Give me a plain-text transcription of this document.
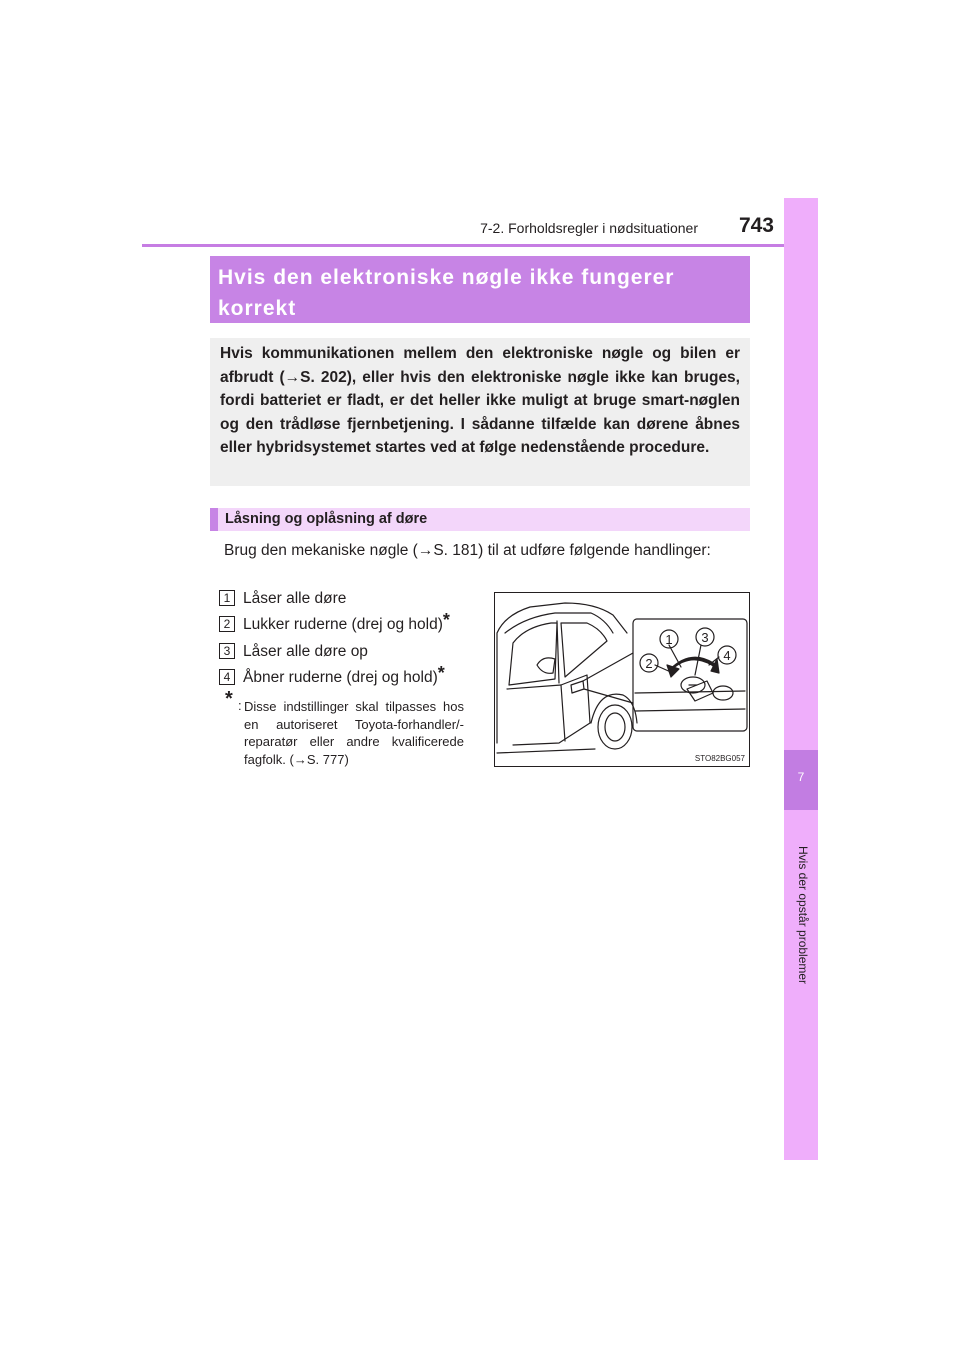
7-2. Forholdsregler i nødsituationer	743
7
Hvis der opstår problemer
Hvis den elektroniske nøgle ikke fungerer korrekt
Hvis kommunikationen mellem den elektroniske nøgle og bilen er afbrudt (→S. 202), eller hvis den elektroniske nøgle ikke kan bruges, fordi batteriet er fladt, er det heller ikke muligt at bruge smart-nøglen og den trådløse fjernbetjening. I sådanne tilfælde kan dørene åbnes eller hybridsystemet startes ved at følge nedenstående procedure.
Låsning og oplåsning af døre
Brug den mekaniske nøgle (→S. 181) til at udføre følgende handlinger:
1 Låser alle døre
2 Lukker ruderne (drej og hold)*
3 Låser alle døre op
4 Åbner ruderne (drej og hold)*
* : Disse indstillinger skal tilpasses hos en autoriseret Toyota-forhandler/-reparatør eller andre kvalificerede fagfolk. (→S. 777)
1 3
2
4
STO82BG057
